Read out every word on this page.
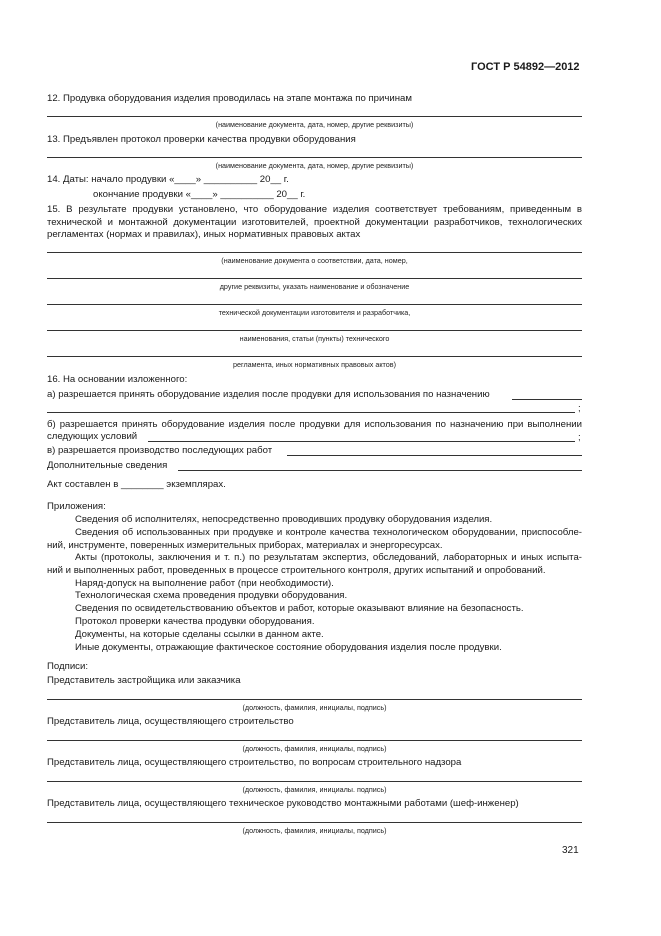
ГОСТ Р 54892—2012
12. Продувка оборудования изделия проводилась на этапе монтажа по причинам
(наименование документа, дата, номер, другие реквизиты)
13. Предъявлен протокол проверки качества продувки оборудования
(наименование документа, дата, номер, другие реквизиты)
14. Даты: начало продувки «____» __________ 20__ г.
окончание продувки «____» __________ 20__ г.
15. В результате продувки установлено, что оборудование изделия соответствует требованиям, приведенным в
технической и монтажной документации изготовителей, проектной документации разработчиков, технологических
регламентах (нормах и правилах), иных нормативных правовых актах
(наименование документа о соответствии, дата, номер,
другие реквизиты, указать наименование и обозначение
технической документации изготовителя и разработчика,
наименования, статьи (пункты) технического
регламента, иных нормативных правовых актов)
16. На основании изложенного:
а) разрешается принять оборудование изделия после продувки для использования по назначению
;
б) разрешается принять оборудование изделия после продувки для использования по назначению при выполнении
следующих условий	;
в) разрешается производство последующих работ
Дополнительные сведения
Акт составлен в ________ экземплярах.
Приложения:
Сведения об исполнителях, непосредственно проводивших продувку оборудования изделия.
Сведения об использованных при продувке и контроле качества технологическом оборудовании, приспособле-
ний, инструменте, поверенных измерительных приборах, материалах и энергоресурсах.
Акты (протоколы, заключения и т. п.) по результатам экспертиз, обследований, лабораторных и иных испыта-
ний и выполненных работ, проведенных в процессе строительного контроля, других испытаний и опробований.
Наряд-допуск на выполнение работ (при необходимости).
Технологическая схема проведения продувки оборудования.
Сведения по освидетельствованию объектов и работ, которые оказывают влияние на безопасность.
Протокол проверки качества продувки оборудования.
Документы, на которые сделаны ссылки в данном акте.
Иные документы, отражающие фактическое состояние оборудования изделия после продувки.
Подписи:
Представитель застройщика или заказчика
(должность, фамилия, инициалы, подпись)
Представитель лица, осуществляющего строительство
(должность, фамилия, инициалы, подпись)
Представитель лица, осуществляющего строительство, по вопросам строительного надзора
(должность, фамилия, инициалы. подпись)
Представитель лица, осуществляющего техническое руководство монтажными работами (шеф-инженер)
(должность, фамилия, инициалы, подпись)
321
